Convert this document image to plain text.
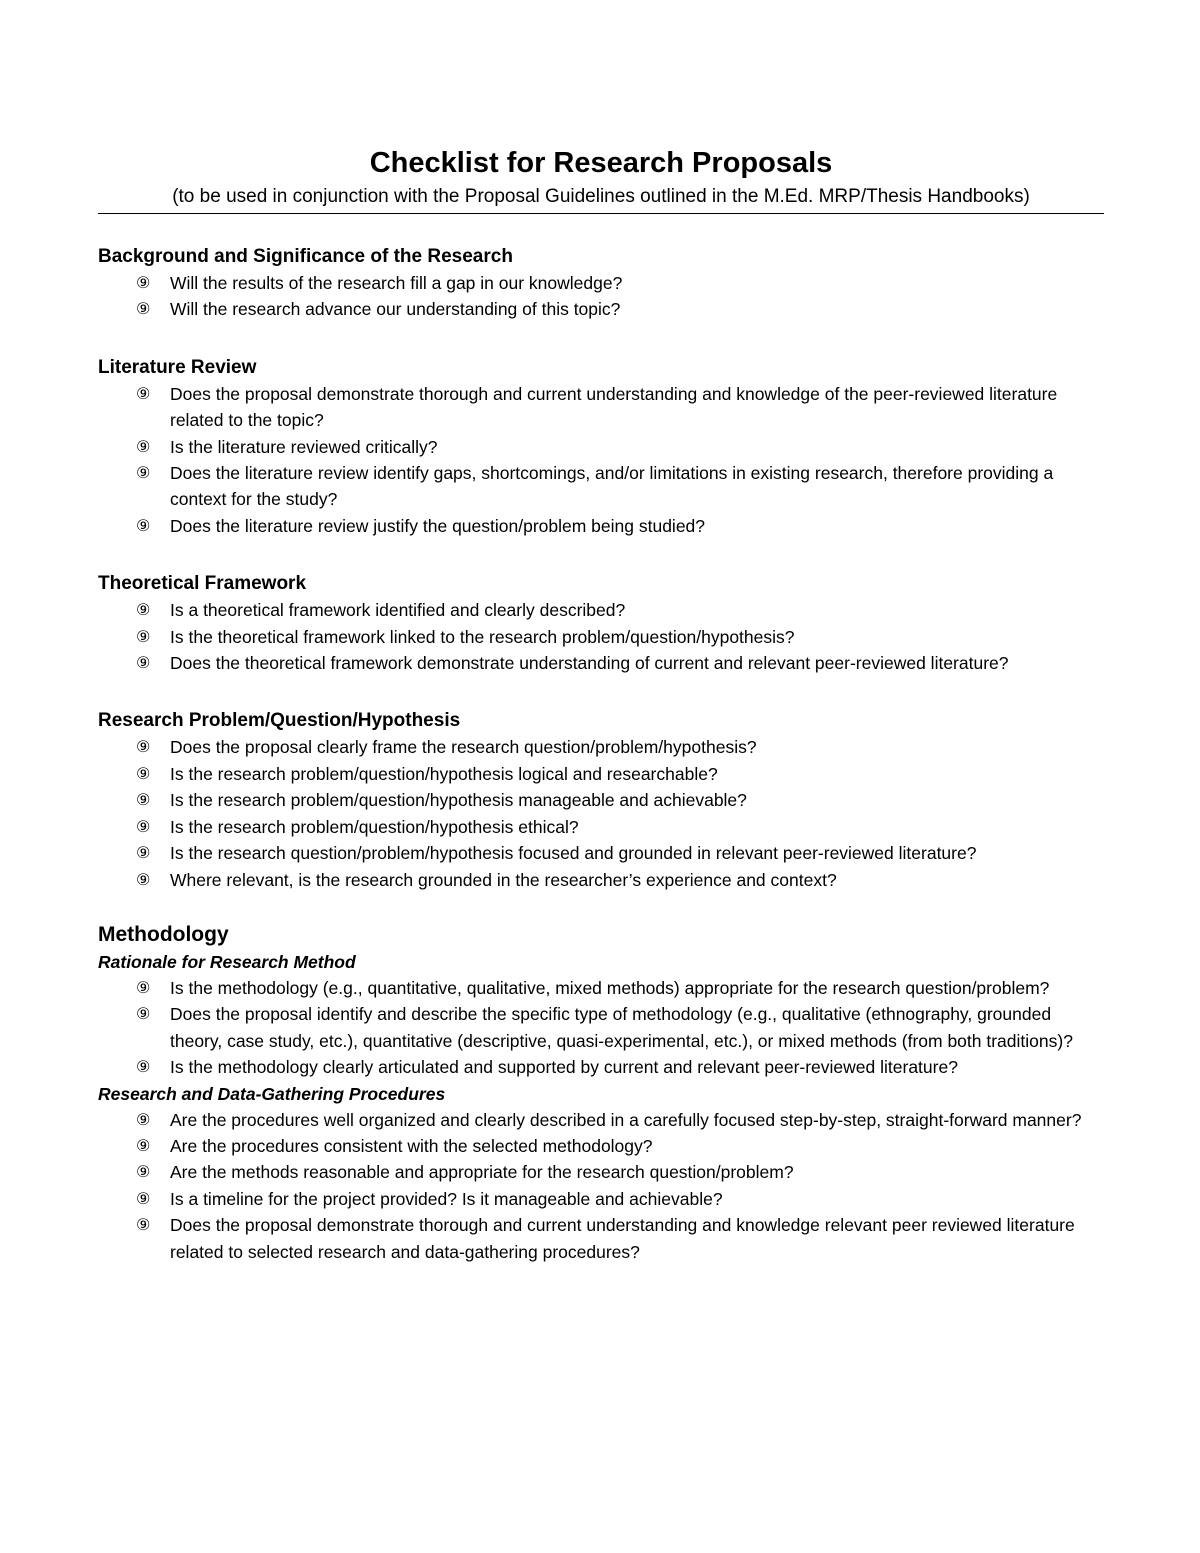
Checklist for Research Proposals

(to be used in conjunction with the Proposal Guidelines outlined in the M.Ed. MRP/Thesis Handbooks)

Background and Significance of the Research
⑨ Will the results of the research fill a gap in our knowledge?
⑨ Will the research advance our understanding of this topic?
Literature Review
⑨ Does the proposal demonstrate thorough and current understanding and knowledge of the peer-reviewed literature related to the topic?
⑨ Is the literature reviewed critically?
⑨ Does the literature review identify gaps, shortcomings, and/or limitations in existing research, therefore providing a context for the study?
⑨ Does the literature review justify the question/problem being studied?
Theoretical Framework
⑨ Is a theoretical framework identified and clearly described?
⑨ Is the theoretical framework linked to the research problem/question/hypothesis?
⑨ Does the theoretical framework demonstrate understanding of current and relevant peer-reviewed literature?
Research Problem/Question/Hypothesis
⑨ Does the proposal clearly frame the research question/problem/hypothesis?
⑨ Is the research problem/question/hypothesis logical and researchable?
⑨ Is the research problem/question/hypothesis manageable and achievable?
⑨ Is the research problem/question/hypothesis ethical?
⑨ Is the research question/problem/hypothesis focused and grounded in relevant peer-reviewed literature?
⑨ Where relevant, is the research grounded in the researcher’s experience and context?
Methodology
Rationale for Research Method
⑨ Is the methodology (e.g., quantitative, qualitative, mixed methods) appropriate for the research question/problem?
⑨ Does the proposal identify and describe the specific type of methodology (e.g., qualitative (ethnography, grounded theory, case study, etc.), quantitative (descriptive, quasi-experimental, etc.), or mixed methods (from both traditions)?
⑨ Is the methodology clearly articulated and supported by current and relevant peer-reviewed literature?
Research and Data-Gathering Procedures
⑨ Are the procedures well organized and clearly described in a carefully focused step-by-step, straight-forward manner?
⑨ Are the procedures consistent with the selected methodology?
⑨ Are the methods reasonable and appropriate for the research question/problem?
⑨ Is a timeline for the project provided? Is it manageable and achievable?
⑨ Does the proposal demonstrate thorough and current understanding and knowledge relevant peer reviewed literature related to selected research and data-gathering procedures?
